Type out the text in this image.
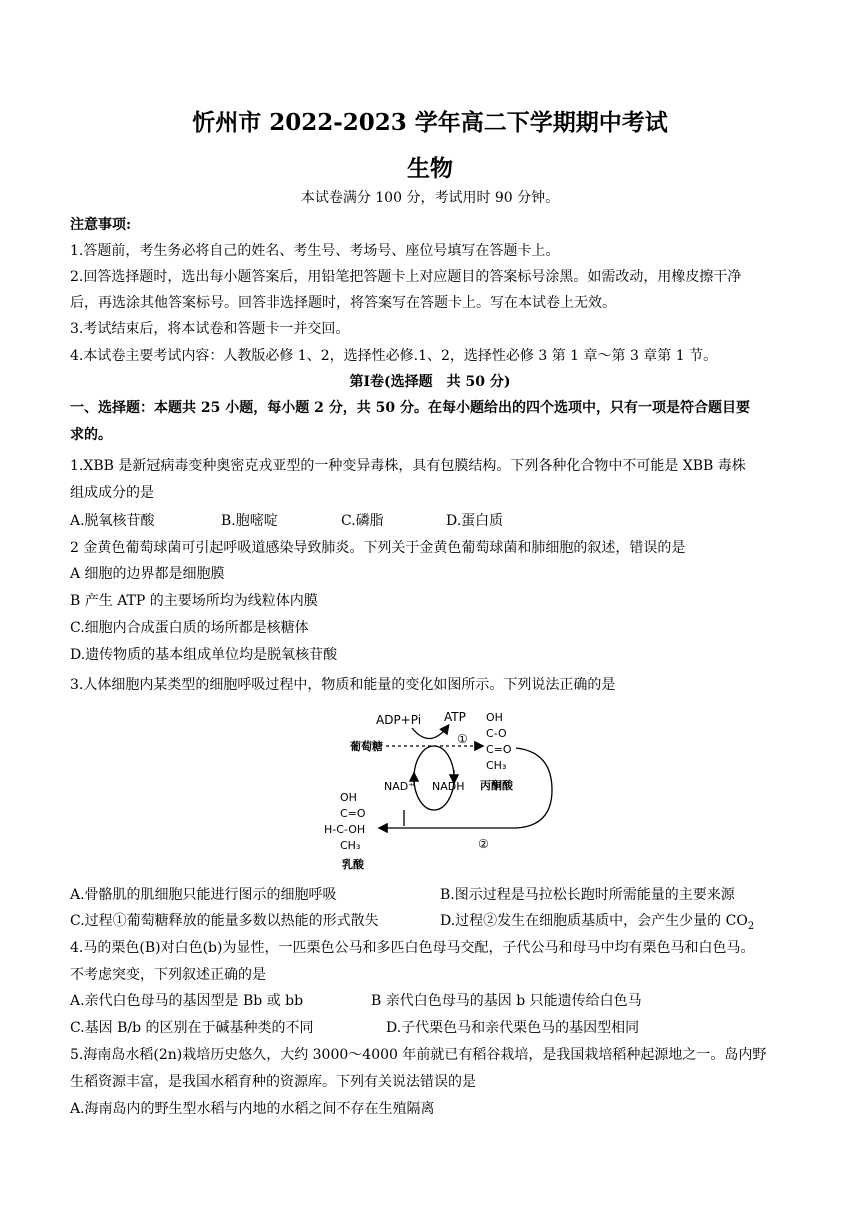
忻州市 2022-2023 学年高二下学期期中考试
生物
本试卷满分 100 分，考试用时 90 分钟。
注意事项:
1.答题前，考生务必将自己的姓名、考生号、考场号、座位号填写在答题卡上。
2.回答选择题时，选出每小题答案后，用铅笔把答题卡上对应题目的答案标号涂黑。如需改动，用橡皮擦干净
后，再选涂其他答案标号。回答非选择题时，将答案写在答题卡上。写在本试卷上无效。
3.考试结束后，将本试卷和答题卡一并交回。
4.本试卷主要考试内容：人教版必修 1、2，选择性必修.1、2，选择性必修 3 第 1 章～第 3 章第 1 节。
第Ⅰ卷(选择题　共 50 分)
一、选择题：本题共 25 小题，每小题 2 分，共 50 分。在每小题给出的四个选项中，只有一项是符合题目要
求的。
1.XBB 是新冠病毒变种奥密克戎亚型的一种变异毒株，具有包膜结构。下列各种化合物中不可能是 XBB 毒株
组成成分的是
A.脱氧核苷酸	B.胞嘧啶	C.磷脂	D.蛋白质
2 金黄色葡萄球菌可引起呼吸道感染导致肺炎。下列关于金黄色葡萄球菌和肺细胞的叙述，错误的是
A 细胞的边界都是细胞膜
B 产生 ATP 的主要场所均为线粒体内膜
C.细胞内合成蛋白质的场所都是核糖体
D.遗传物质的基本组成单位均是脱氧核苷酸
3.人体细胞内某类型的细胞呼吸过程中，物质和能量的变化如图所示。下列说法正确的是
ADP+Pi ATP
葡萄糖
①
NAD⁺ NADH
OH
C-O
C=O
CH₃
丙酮酸
②
OH
C=O
H-C-OH
CH₃
乳酸
A.骨骼肌的肌细胞只能进行图示的细胞呼吸	B.图示过程是马拉松长跑时所需能量的主要来源
C.过程①葡萄糖释放的能量多数以热能的形式散失	D.过程②发生在细胞质基质中，会产生少量的 $CO_2$
4.马的栗色(B)对白色(b)为显性，一匹栗色公马和多匹白色母马交配，子代公马和母马中均有栗色马和白色马。
不考虑突变，下列叙述正确的是
A.亲代白色母马的基因型是 Bb 或 bb	B 亲代白色母马的基因 b 只能遗传给白色马
C.基因 B/b 的区别在于碱基种类的不同	D.子代栗色马和亲代栗色马的基因型相同
5.海南岛水稻(2n)栽培历史悠久，大约 3000～4000 年前就已有稻谷栽培，是我国栽培稻种起源地之一。岛内野
生稻资源丰富，是我国水稻育种的资源库。下列有关说法错误的是
A.海南岛内的野生型水稻与内地的水稻之间不存在生殖隔离
